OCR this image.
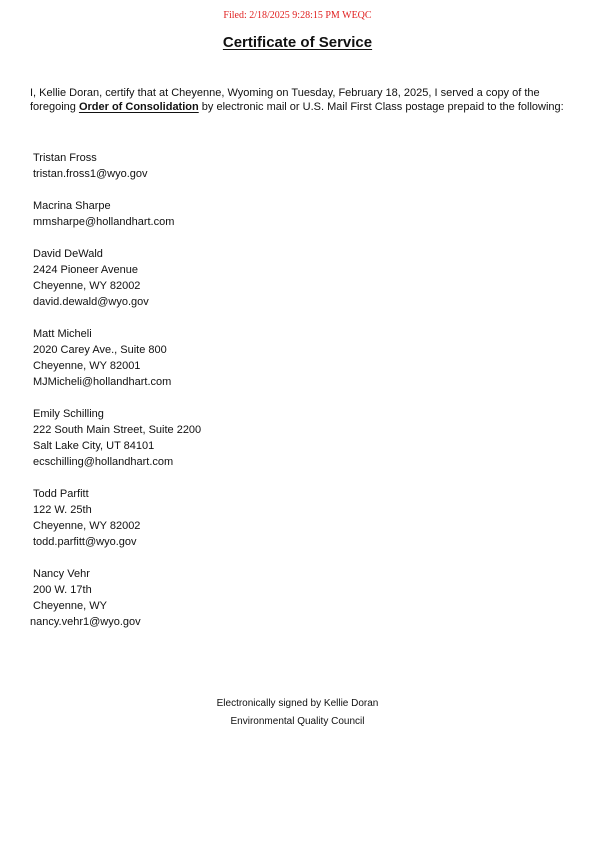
Filed: 2/18/2025 9:28:15 PM WEQC
Certificate of Service
I, Kellie Doran, certify that at Cheyenne, Wyoming on Tuesday, February 18, 2025, I served a copy of the foregoing Order of Consolidation by electronic mail or U.S. Mail First Class postage prepaid to the following:
Tristan Fross
tristan.fross1@wyo.gov
Macrina Sharpe
mmsharpe@hollandhart.com
David DeWald
2424 Pioneer Avenue
Cheyenne, WY 82002
david.dewald@wyo.gov
Matt Micheli
2020 Carey Ave., Suite 800
Cheyenne, WY 82001
MJMicheli@hollandhart.com
Emily Schilling
222 South Main Street, Suite 2200
Salt Lake City, UT 84101
ecschilling@hollandhart.com
Todd Parfitt
122 W. 25th
Cheyenne, WY 82002
todd.parfitt@wyo.gov
Nancy Vehr
200 W. 17th
Cheyenne, WY
nancy.vehr1@wyo.gov
Electronically signed by Kellie Doran
Environmental Quality Council
